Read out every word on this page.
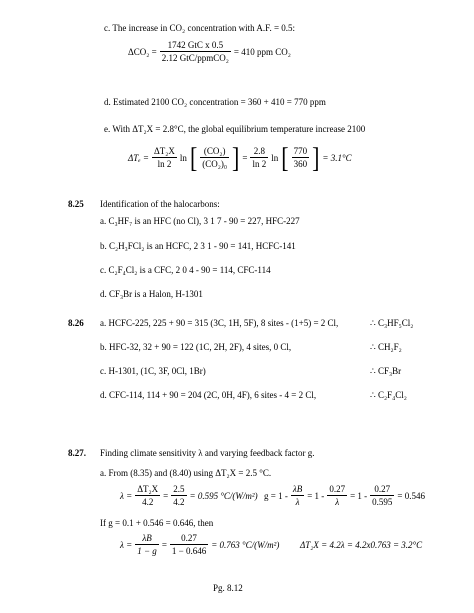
c. The increase in CO₂ concentration with A.F. = 0.5:
$\Delta CO_2 = \frac{\text{1742 GtC x 0.5}}{\text{2.12 GtC/ppmCO₂}} = 410$ ppm CO₂
d. Estimated 2100 CO₂ concentration = 360 + 410 = 770 ppm
e. With ΔT₂X = 2.8°C, the global equilibrium temperature increase 2100
$\Delta T_e = \frac{\text{ΔT₂X}}{\ln 2}$ ln [ $\frac{\text{(CO₂)}}{\text{(CO₂)₀}}$ ] = $\frac{2.8}{\ln 2}$ ln [ $\frac{770}{360}$ ] = 3.1°C
8.25 Identification of the halocarbons:
a. C₃HF₇ is an HFC (no Cl), 3 1 7 - 90 = 227, HFC-227
b. C₂H₃FCl₂ is an HCFC, 2 3 1 - 90 = 141, HCFC-141
c. C₂F₄Cl₂ is a CFC, 2 0 4 - 90 = 114, CFC-114
d. CF₃Br is a Halon, H-1301
8.26 a. HCFC-225, 225 + 90 = 315 (3C, 1H, 5F), 8 sites - (1+5) = 2 Cl,	∴ C₃HF₅Cl₂
b. HFC-32, 32 + 90 = 122 (1C, 2H, 2F), 4 sites, 0 Cl,	∴ CH₂F₂
c. H-1301, (1C, 3F, 0Cl, 1Br)	∴ CF₃Br
d. CFC-114, 114 + 90 = 204 (2C, 0H, 4F), 6 sites - 4 = 2 Cl,	∴ C₂F₄Cl₂
8.27. Finding climate sensitivity λ and varying feedback factor g.
a. From (8.35) and (8.40) using ΔT₂X = 2.5 °C.
$\lambda = \frac{\text{ΔT₂X}}{4.2} = \frac{2.5}{4.2} = 0.595$ °C/(W/m²) $g = 1 - \frac{\lambda B}{\lambda} = 1 - \frac{0.27}{\lambda} = 1 - \frac{0.27}{0.595} = 0.546$
If g = 0.1 + 0.546 = 0.646, then
$\lambda = \frac{\lambda B}{1 - g} = \frac{0.27}{1 - 0.646} = 0.763$ °C/(W/m²) ΔT₂X = 4.2λ = 4.2x0.763 = 3.2°C
Pg. 8.12
